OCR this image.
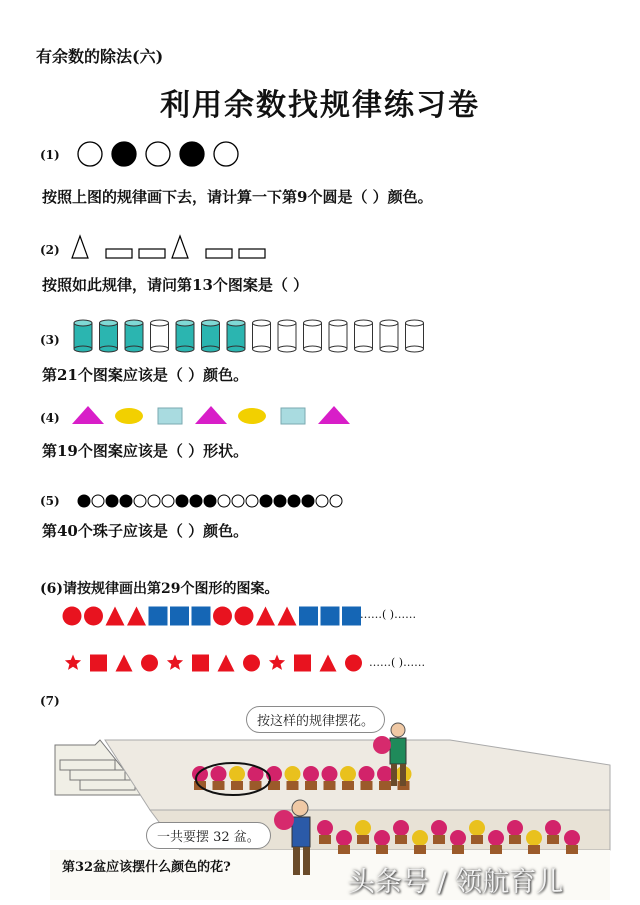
有余数的除法(六)
利用余数找规律练习卷
(1)
按照上图的规律画下去，请计算一下第9个圆是（ ）颜色。
(2)
按照如此规律，请问第13个图案是（ ）
(3)
第21个图案应该是（ ）颜色。
(4)
第19个图案应该是（ ）形状。
(5)
第40个珠子应该是（ ）颜色。
(6)请按规律画出第29个图形的图案。
……( )……
……( )……
(7)
按这样的规律摆花。
一共要摆 32 盆。
第32盆应该摆什么颜色的花?	头条号 / 领航育儿
